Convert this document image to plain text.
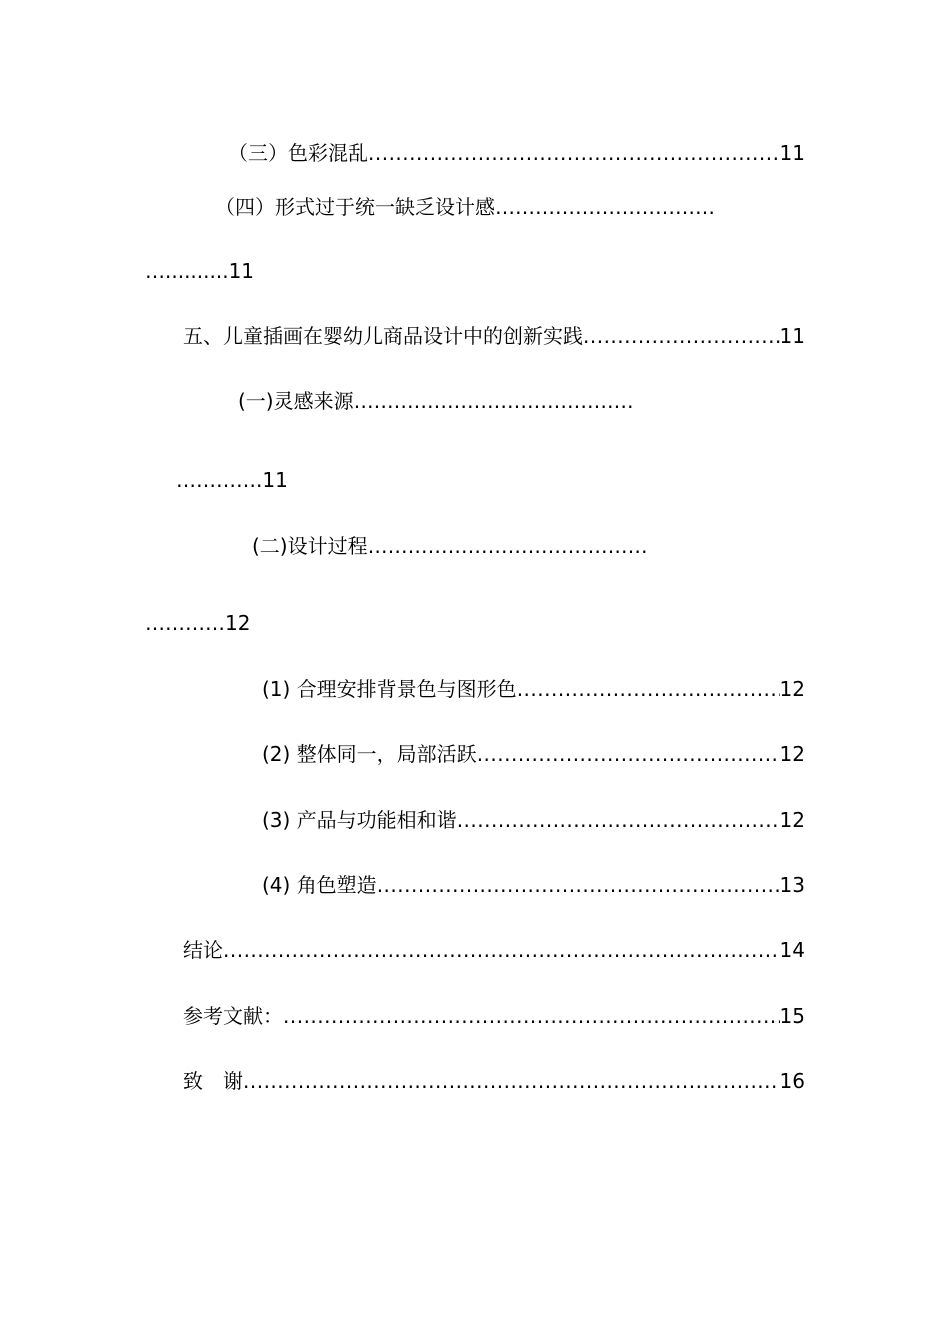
（三）色彩混乱 .....	11
（四）形式过于统一缺乏设计感……………………………
…..........11
五、儿童插画在婴幼儿商品设计中的创新实践 .....	11
(一)灵感来源……………………………………
………….11
(二)设计过程……………………………………
…………12
(1) 合理安排背景色与图形色 .....	12
(2) 整体同一，局部活跃 .....	12
(3) 产品与功能相和谐 .....	12
(4) 角色塑造 .....	13
结论 .....	14
参考文献： .....	15
致　谢 .....	16
